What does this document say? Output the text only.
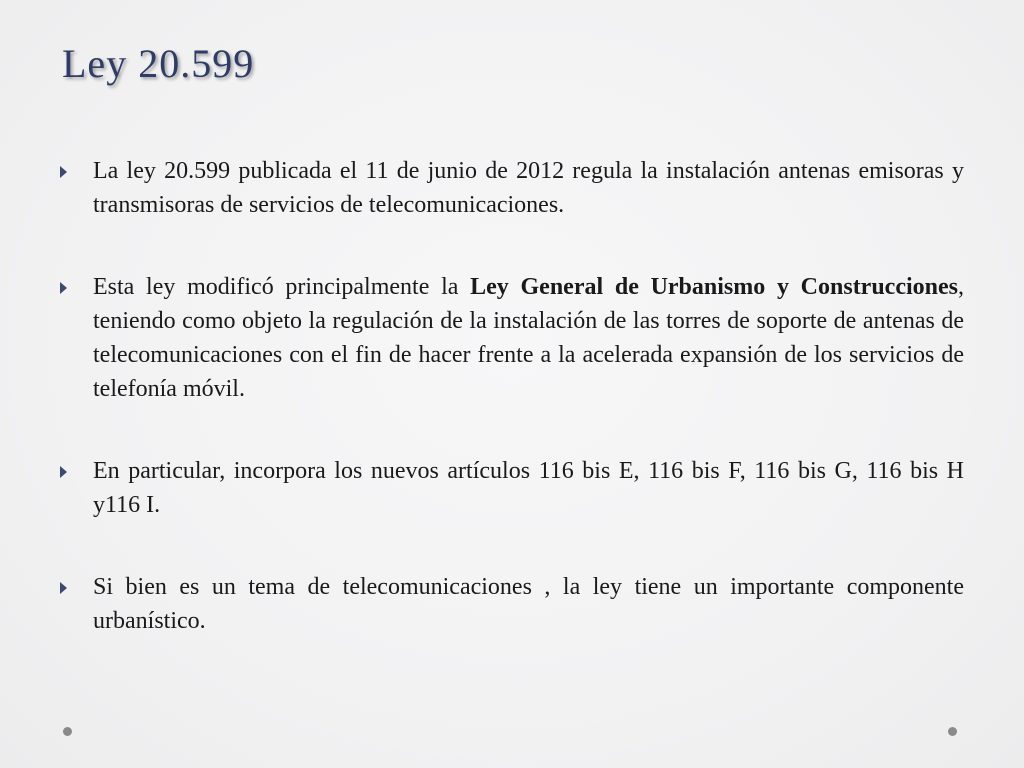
Ley 20.599
La ley 20.599 publicada el 11 de junio de 2012 regula la instalación antenas emisoras y transmisoras de servicios de telecomunicaciones.
Esta ley modificó principalmente la Ley General de Urbanismo y Construcciones, teniendo como objeto la regulación de la instalación de las torres de soporte de antenas de telecomunicaciones con el fin de hacer frente a la acelerada expansión de los servicios de telefonía móvil.
En particular, incorpora los nuevos artículos 116 bis E, 116 bis F, 116 bis G, 116 bis H y116 I.
Si bien es un tema de telecomunicaciones , la ley tiene un importante componente urbanístico.
